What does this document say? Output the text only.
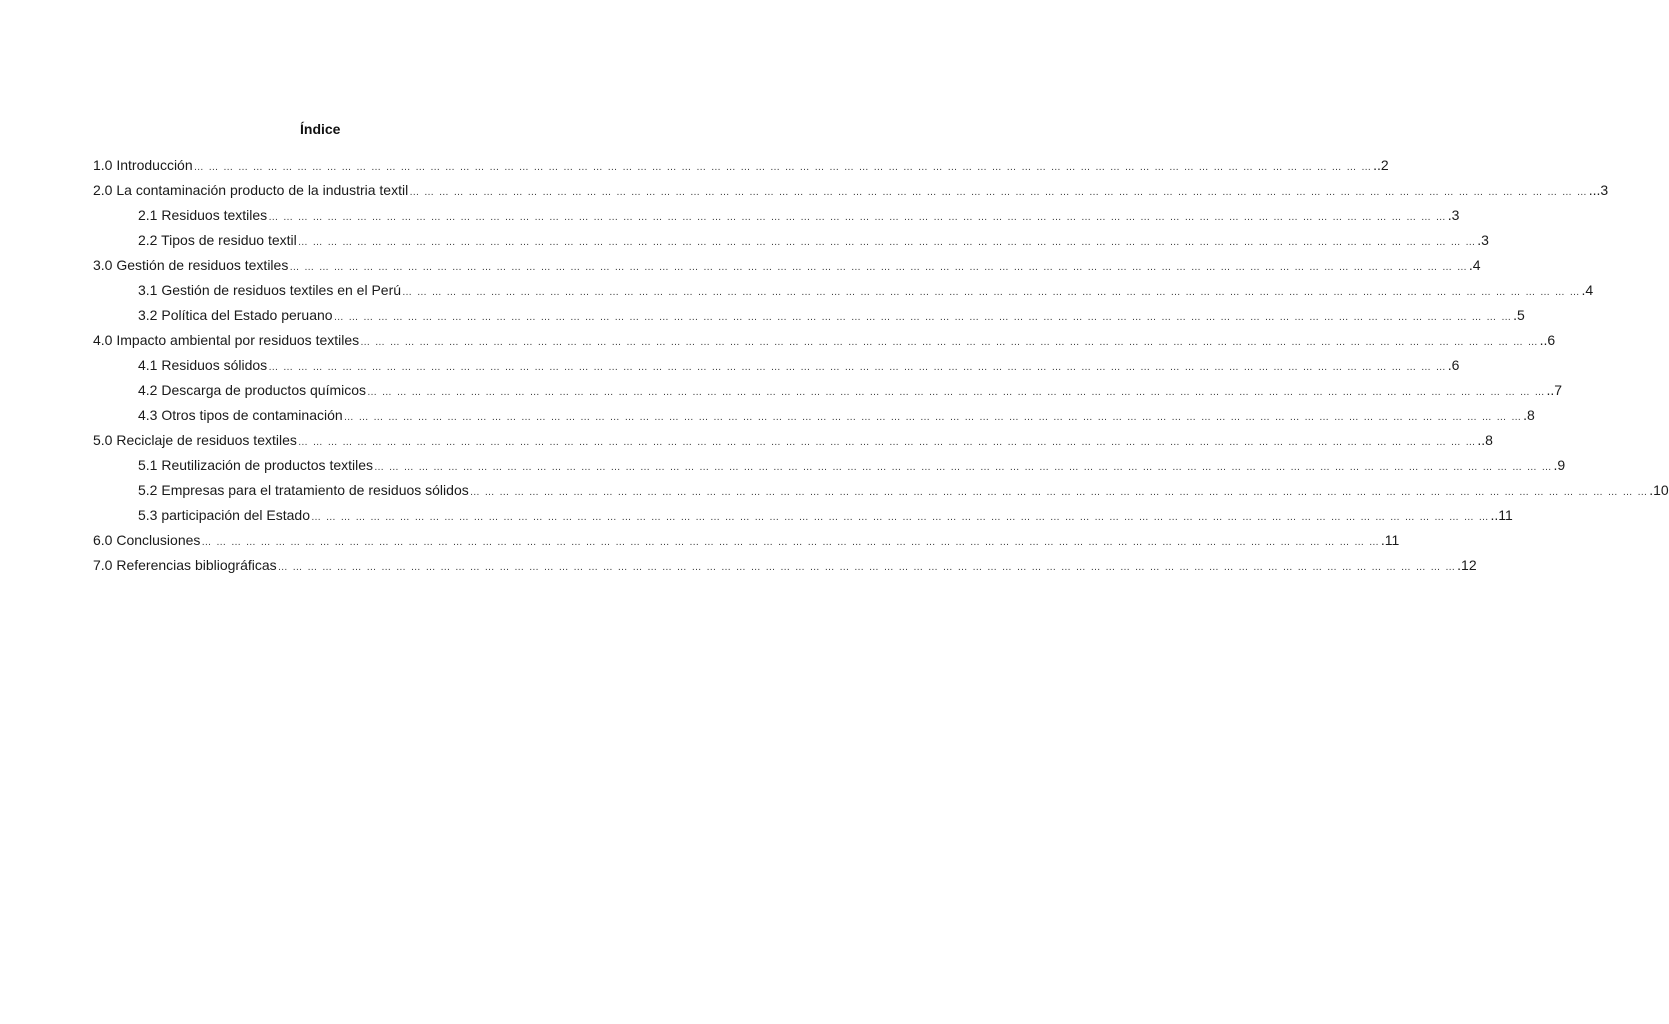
Índice
1.0 Introducción … … … … … … … … … … … … … … … … … … … … … … … … … … … … … … … … … … … … … … … … … … … … … … … … … … … … … … … … … … … … … … … … … … … … … … … … … … … … … … … … ..2
2.0 La contaminación producto de la industria textil … … … … … … … … … … … … … … … … … … … … … … … … … … … … … … … … … … … … … … … … … … … … … … … … … … … … … … … … … … … … … … … … … … … … … … … … … … … … … … … … ...3
2.1 Residuos textiles … … … … … … … … … … … … … … … … … … … … … … … … … … … … … … … … … … … … … … … … … … … … … … … … … … … … … … … … … … … … … … … … … … … … … … … … … … … … … … … … .3
2.2 Tipos de residuo textil … … … … … … … … … … … … … … … … … … … … … … … … … … … … … … … … … … … … … … … … … … … … … … … … … … … … … … … … … … … … … … … … … … … … … … … … … … … … … … … … .3
3.0 Gestión de residuos textiles … … … … … … … … … … … … … … … … … … … … … … … … … … … … … … … … … … … … … … … … … … … … … … … … … … … … … … … … … … … … … … … … … … … … … … … … … … … … … … … … .4
3.1 Gestión de residuos textiles en el Perú … … … … … … … … … … … … … … … … … … … … … … … … … … … … … … … … … … … … … … … … … … … … … … … … … … … … … … … … … … … … … … … … … … … … … … … … … … … … … … … … .4
3.2 Política del Estado peruano … … … … … … … … … … … … … … … … … … … … … … … … … … … … … … … … … … … … … … … … … … … … … … … … … … … … … … … … … … … … … … … … … … … … … … … … … … … … … … … … .5
4.0 Impacto ambiental por residuos textiles … … … … … … … … … … … … … … … … … … … … … … … … … … … … … … … … … … … … … … … … … … … … … … … … … … … … … … … … … … … … … … … … … … … … … … … … … … … … … … … … ..6
4.1 Residuos sólidos … … … … … … … … … … … … … … … … … … … … … … … … … … … … … … … … … … … … … … … … … … … … … … … … … … … … … … … … … … … … … … … … … … … … … … … … … … … … … … … … .6
4.2 Descarga de productos químicos … … … … … … … … … … … … … … … … … … … … … … … … … … … … … … … … … … … … … … … … … … … … … … … … … … … … … … … … … … … … … … … … … … … … … … … … … … … … … … … … ..7
4.3 Otros tipos de contaminación … … … … … … … … … … … … … … … … … … … … … … … … … … … … … … … … … … … … … … … … … … … … … … … … … … … … … … … … … … … … … … … … … … … … … … … … … … … … … … … … .8
5.0 Reciclaje de residuos textiles … … … … … … … … … … … … … … … … … … … … … … … … … … … … … … … … … … … … … … … … … … … … … … … … … … … … … … … … … … … … … … … … … … … … … … … … … … … … … … … … ..8
5.1 Reutilización de productos textiles … … … … … … … … … … … … … … … … … … … … … … … … … … … … … … … … … … … … … … … … … … … … … … … … … … … … … … … … … … … … … … … … … … … … … … … … … … … … … … … … .9
5.2 Empresas para el tratamiento de residuos sólidos … … … … … … … … … … … … … … … … … … … … … … … … … … … … … … … … … … … … … … … … … … … … … … … … … … … … … … … … … … … … … … … … … … … … … … … … … … … … … … … … .10
5.3 participación del Estado … … … … … … … … … … … … … … … … … … … … … … … … … … … … … … … … … … … … … … … … … … … … … … … … … … … … … … … … … … … … … … … … … … … … … … … … … … … … … … … … ..11
6.0 Conclusiones … … … … … … … … … … … … … … … … … … … … … … … … … … … … … … … … … … … … … … … … … … … … … … … … … … … … … … … … … … … … … … … … … … … … … … … … … … … … … … … … .11
7.0 Referencias bibliográficas … … … … … … … … … … … … … … … … … … … … … … … … … … … … … … … … … … … … … … … … … … … … … … … … … … … … … … … … … … … … … … … … … … … … … … … … … … … … … … … … .12
